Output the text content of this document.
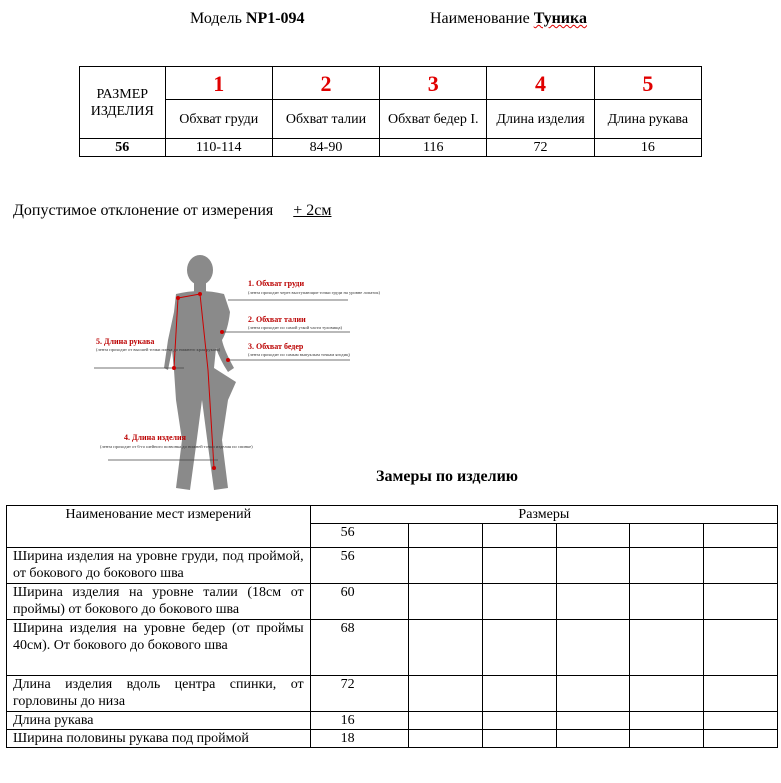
Модель NP1-094	Наименование Туника
РАЗМЕР ИЗДЕЛИЯ	1	2	3	4	5
	Обхват груди	Обхват талии	Обхват бедер I.	Длина изделия	Длина рукава
56	110-114	84-90	116	72	16
Допустимое отклонение от измерения + 2см
1. Обхват груди
(лента проходит через выступающие точки груди на уровне лопаток)
2. Обхват талии
(лента проходит по самой узкой части туловища)
3. Обхват бедер
(лента проходит по самым выпуклым точкам ягодиц)
5. Длина рукава
(лента проходит от высшей точки плеча до нижнего края рукава)
4. Длина изделия
(лента проходит от 6-го шейного позвонка до нижней точки изделия по спинке)
Замеры по изделию
Наименование мест измерений	Размеры					
	56					
Ширина изделия на уровне груди, под проймой, от бокового до бокового шва	56					
Ширина изделия на уровне талии (18см от проймы) от бокового до бокового шва	60					
Ширина изделия на уровне бедер (от проймы 40см). От бокового до бокового шва	68					
Длина изделия вдоль центра спинки, от горловины до низа	72					
Длина рукава	16					
Ширина половины рукава под проймой	18					
